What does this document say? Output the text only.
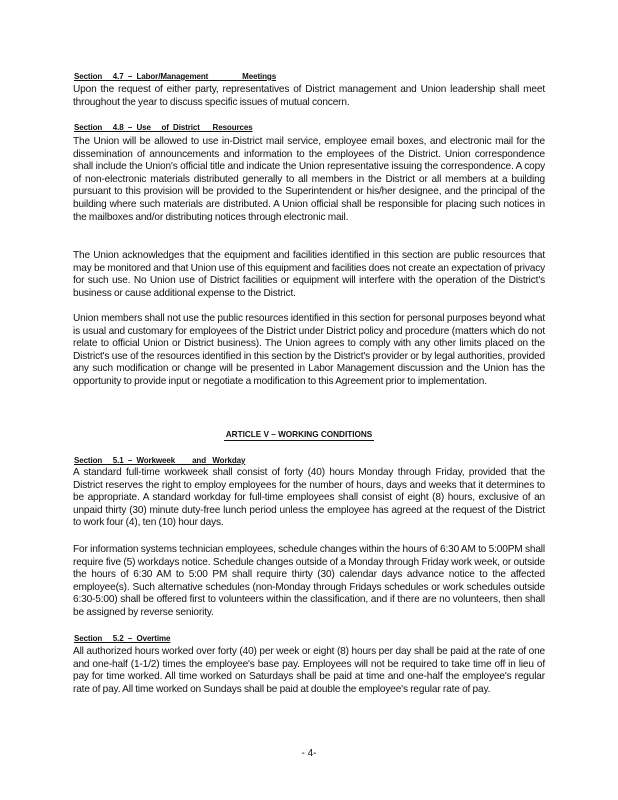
Section     4.7  –  Labor/Management                Meetings

Upon the request of either party, representatives of District management and Union leadership shall meet throughout the year to discuss specific issues of mutual concern.

Section     4.8  –  Use     of  District      Resources

The Union will be allowed to use in-District mail service, employee email boxes, and electronic mail for the dissemination of announcements and information to the employees of the District. Union correspondence shall include the Union's official title and indicate the Union representative issuing the correspondence. A copy of non-electronic materials distributed generally to all members in the District or all members at a building pursuant to this provision will be provided to the Superintendent or his/her designee, and the principal of the building where such materials are distributed. A Union official shall be responsible for placing such notices in the mailboxes and/or distributing notices through electronic mail.

The Union acknowledges that the equipment and facilities identified in this section are public resources that may be monitored and that Union use of this equipment and facilities does not create an expectation of privacy for such use. No Union use of District facilities or equipment will interfere with the operation of the District's business or cause additional expense to the District.

Union members shall not use the public resources identified in this section for personal purposes beyond what is usual and customary for employees of the District under District policy and procedure (matters which do not relate to official Union or District business). The Union agrees to comply with any other limits placed on the District's use of the resources identified in this section by the District's provider or by legal authorities, provided any such modification or change will be presented in Labor Management discussion and the Union has the opportunity to provide input or negotiate a modification to this Agreement prior to implementation.

ARTICLE V – WORKING CONDITIONS
Section     5.1  –  Workweek        and   Workday

A standard full-time workweek shall consist of forty (40) hours Monday through Friday, provided that the District reserves the right to employ employees for the number of hours, days and weeks that it determines to be appropriate. A standard workday for full-time employees shall consist of eight (8) hours, exclusive of an unpaid thirty (30) minute duty-free lunch period unless the employee has agreed at the request of the District to work four (4), ten (10) hour days.

For information systems technician employees, schedule changes within the hours of 6:30 AM to 5:00PM shall require five (5) workdays notice. Schedule changes outside of a Monday through Friday work week, or outside the hours of 6:30 AM to 5:00 PM shall require thirty (30) calendar days advance notice to the affected employee(s). Such alternative schedules (non-Monday through Fridays schedules or work schedules outside 6:30-5:00) shall be offered first to volunteers within the classification, and if there are no volunteers, then shall be assigned by reverse seniority.

Section     5.2  –  Overtime

All authorized hours worked over forty (40) per week or eight (8) hours per day shall be paid at the rate of one and one-half (1-1/2) times the employee's base pay. Employees will not be required to take time off in lieu of pay for time worked. All time worked on Saturdays shall be paid at time and one-half the employee's regular rate of pay. All time worked on Sundays shall be paid at double the employee's regular rate of pay.

- 4-
